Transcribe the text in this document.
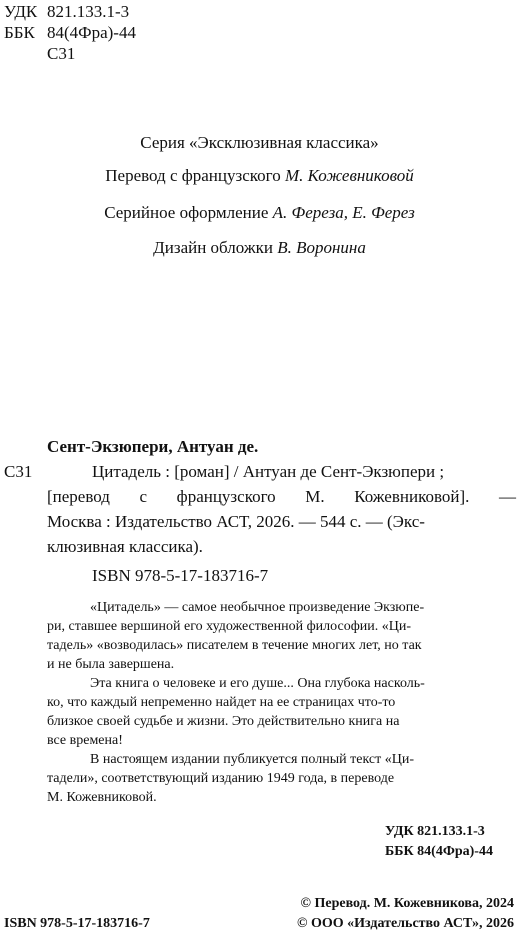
УДК 821.133.1-3
ББК 84(4Фра)-44
С31
Серия «Эксклюзивная классика»
Перевод с французского М. Кожевниковой
Серийное оформление А. Фереза, Е. Ферез
Дизайн обложки В. Воронина
Сент-Экзюпери, Антуан де.
С31	Цитадель : [роман] / Антуан де Сент-Экзюпери ;
[перевод с французского М. Кожевниковой]. —
Москва : Издательство АСТ, 2026. — 544 с. — (Экс-
клюзивная классика).
ISBN 978-5-17-183716-7
«Цитадель» — самое необычное произведение Экзюпе-
ри, ставшее вершиной его художественной философии. «Ци-
тадель» «возводилась» писателем в течение многих лет, но так
и не была завершена.
Эта книга о человеке и его душе... Она глубока насколь-
ко, что каждый непременно найдет на ее страницах что-то
близкое своей судьбе и жизни. Это действительно книга на
все времена!
В настоящем издании публикуется полный текст «Ци-
тадели», соответствующий изданию 1949 года, в переводе
М. Кожевниковой.
УДК 821.133.1-3
ББК 84(4Фра)-44
© Перевод. М. Кожевникова, 2024
ISBN 978-5-17-183716-7	© ООО «Издательство АСТ», 2026
